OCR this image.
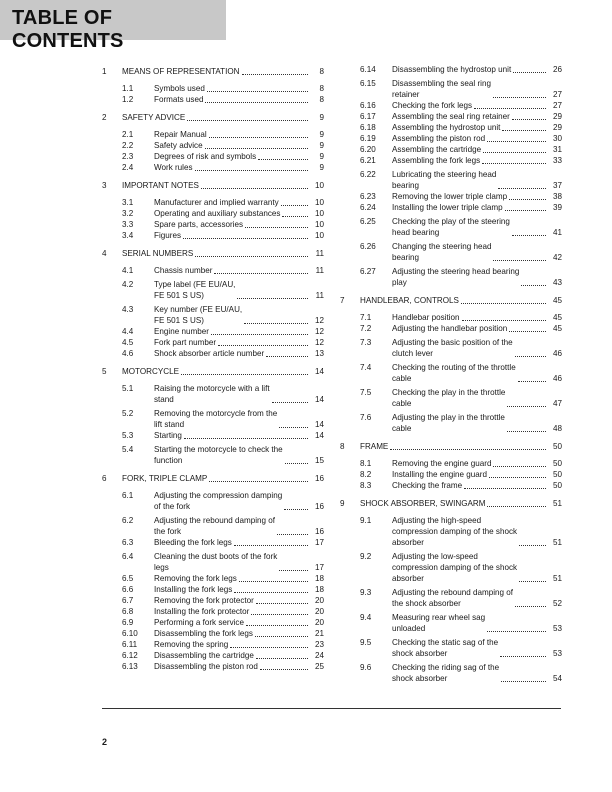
TABLE OF CONTENTS
1 MEANS OF REPRESENTATION	8
1.1	Symbols used	8
1.2	Formats used	8
2 SAFETY ADVICE	9
2.1	Repair Manual	9
2.2	Safety advice	9
2.3	Degrees of risk and symbols	9
2.4	Work rules	9
3 IMPORTANT NOTES	10
3.1	Manufacturer and implied warranty	10
3.2	Operating and auxiliary substances	10
3.3	Spare parts, accessories	10
3.4	Figures	10
4 SERIAL NUMBERS	11
4.1	Chassis number	11
4.2	Type label (FE EU/AU,
FE 501 S US)	11
4.3	Key number (FE EU/AU,
FE 501 S US)	12
4.4	Engine number	12
4.5	Fork part number	12
4.6	Shock absorber article number	13
5 MOTORCYCLE	14
5.1	Raising the motorcycle with a lift
stand	14
5.2	Removing the motorcycle from the
lift stand	14
5.3	Starting	14
5.4	Starting the motorcycle to check the
function	15
6 FORK, TRIPLE CLAMP	16
6.1	Adjusting the compression damping
of the fork	16
6.2	Adjusting the rebound damping of
the fork	16
6.3	Bleeding the fork legs	17
6.4	Cleaning the dust boots of the fork
legs	17
6.5	Removing the fork legs	18
6.6	Installing the fork legs	18
6.7	Removing the fork protector	20
6.8	Installing the fork protector	20
6.9	Performing a fork service	20
6.10 Disassembling the fork legs	21
6.11 Removing the spring	23
6.12 Disassembling the cartridge	24
6.13 Disassembling the piston rod	25
6.14 Disassembling the hydrostop unit	26
6.15 Disassembling the seal ring
retainer	27
6.16 Checking the fork legs	27
6.17 Assembling the seal ring retainer	29
6.18 Assembling the hydrostop unit	29
6.19 Assembling the piston rod	30
6.20 Assembling the cartridge	31
6.21 Assembling the fork legs	33
6.22 Lubricating the steering head
bearing	37
6.23 Removing the lower triple clamp	38
6.24 Installing the lower triple clamp	39
6.25 Checking the play of the steering
head bearing	41
6.26 Changing the steering head
bearing	42
6.27 Adjusting the steering head bearing
play	43
7 HANDLEBAR, CONTROLS	45
7.1	Handlebar position	45
7.2	Adjusting the handlebar position	45
7.3	Adjusting the basic position of the
clutch lever	46
7.4	Checking the routing of the throttle
cable	46
7.5	Checking the play in the throttle
cable	47
7.6	Adjusting the play in the throttle
cable	48
8 FRAME	50
8.1	Removing the engine guard	50
8.2	Installing the engine guard	50
8.3	Checking the frame	50
9 SHOCK ABSORBER, SWINGARM	51
9.1	Adjusting the high-speed
compression damping of the shock
absorber	51
9.2	Adjusting the low-speed
compression damping of the shock
absorber	51
9.3	Adjusting the rebound damping of
the shock absorber	52
9.4	Measuring rear wheel sag
unloaded	53
9.5	Checking the static sag of the
shock absorber	53
9.6	Checking the riding sag of the
shock absorber	54
2
